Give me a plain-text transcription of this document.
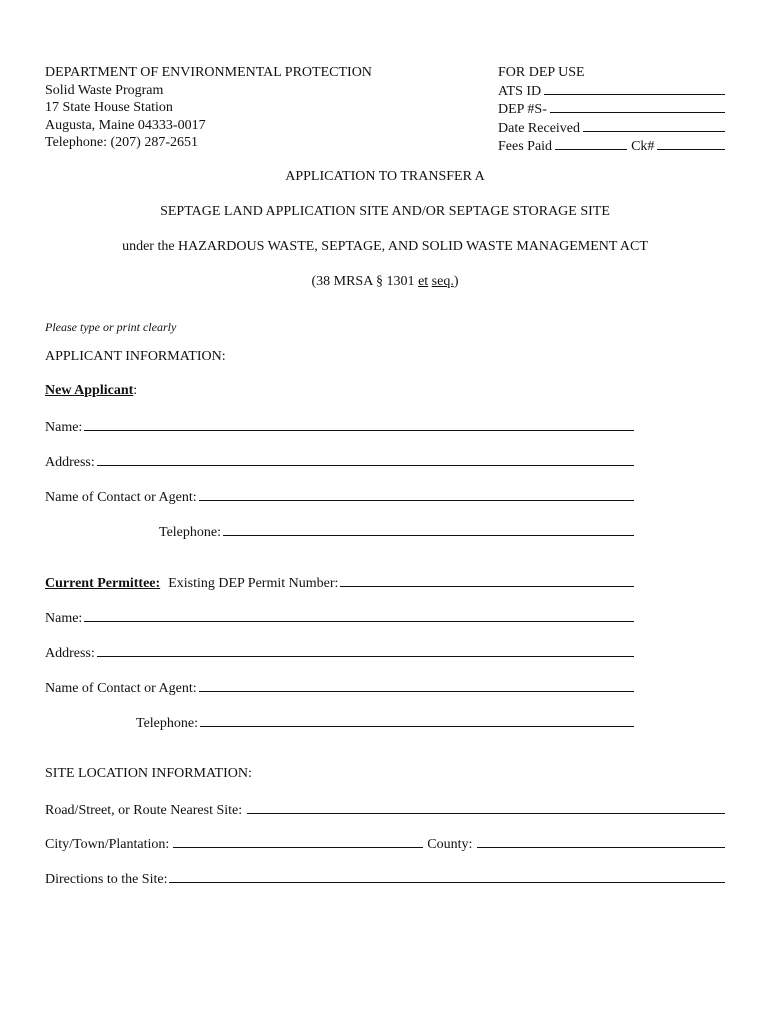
DEPARTMENT OF ENVIRONMENTAL PROTECTION
Solid Waste Program
17 State House Station
Augusta, Maine 04333-0017
Telephone: (207) 287-2651
FOR DEP USE
ATS ID
DEP #S-
Date Received
Fees Paid	Ck#
APPLICATION TO TRANSFER A
SEPTAGE LAND APPLICATION SITE AND/OR SEPTAGE STORAGE SITE
under the HAZARDOUS WASTE, SEPTAGE, AND SOLID WASTE MANAGEMENT ACT
(38 MRSA § 1301 et seq.)
Please type or print clearly
APPLICANT INFORMATION:
New Applicant:
Name:
Address:
Name of Contact or Agent:
Telephone:
Current Permittee: Existing DEP Permit Number:
Name:
Address:
Name of Contact or Agent:
Telephone:
SITE LOCATION INFORMATION:
Road/Street, or Route Nearest Site:
City/Town/Plantation:	County:
Directions to the Site:
